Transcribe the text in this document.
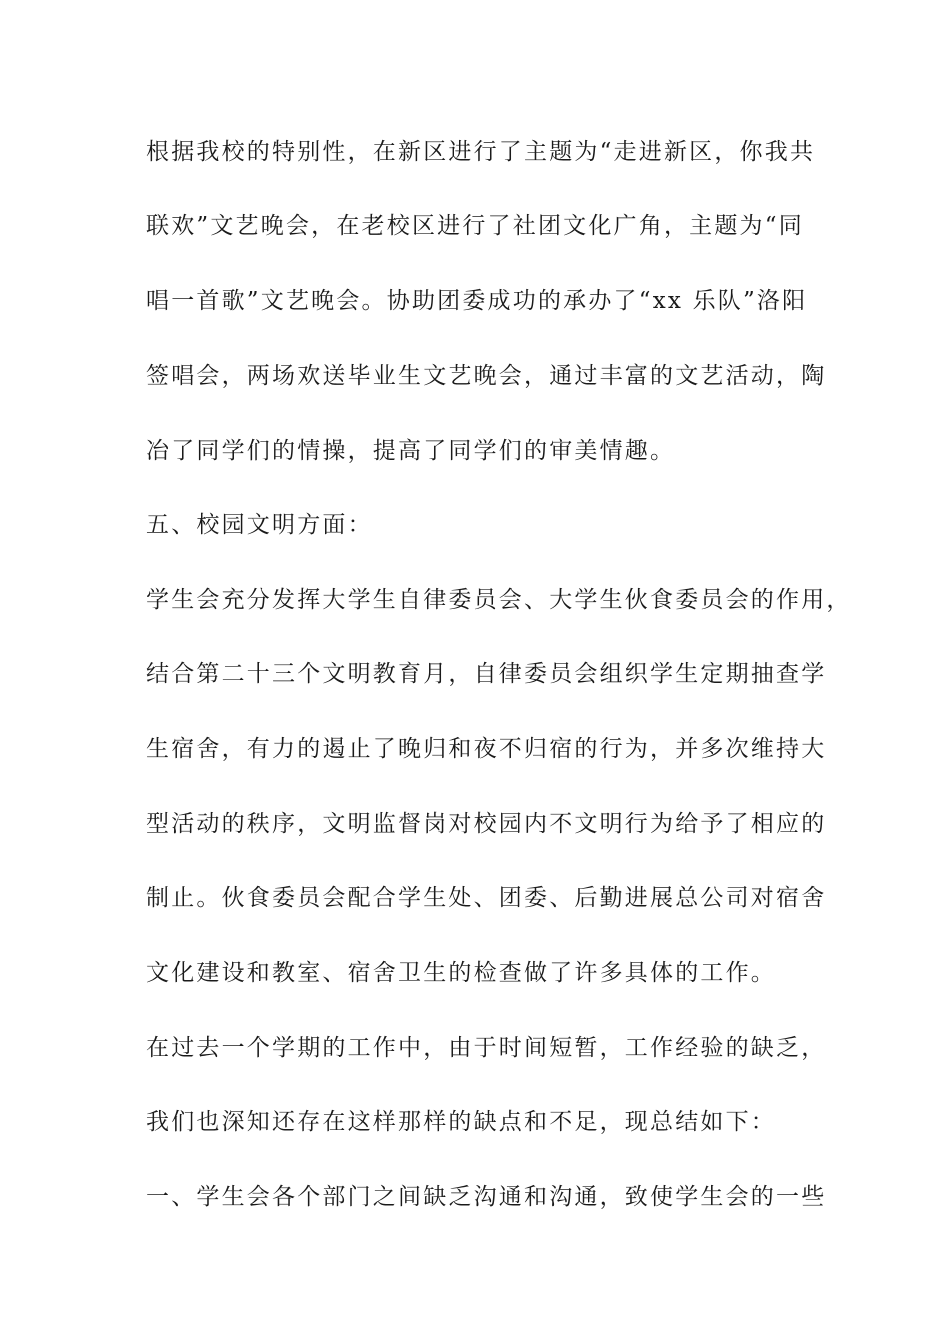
根据我校的特别性，在新区进行了主题为“走进新区，你我共
联欢”文艺晚会，在老校区进行了社团文化广角，主题为“同
唱一首歌”文艺晚会。协助团委成功的承办了“xx 乐队”洛阳
签唱会，两场欢送毕业生文艺晚会，通过丰富的文艺活动，陶
冶了同学们的情操，提高了同学们的审美情趣。
五、校园文明方面：
学生会充分发挥大学生自律委员会、大学生伙食委员会的作用，
结合第二十三个文明教育月，自律委员会组织学生定期抽查学
生宿舍，有力的遏止了晚归和夜不归宿的行为，并多次维持大
型活动的秩序，文明监督岗对校园内不文明行为给予了相应的
制止。伙食委员会配合学生处、团委、后勤进展总公司对宿舍
文化建设和教室、宿舍卫生的检查做了许多具体的工作。
在过去一个学期的工作中，由于时间短暂，工作经验的缺乏，
我们也深知还存在这样那样的缺点和不足，现总结如下：
一、学生会各个部门之间缺乏沟通和沟通，致使学生会的一些
